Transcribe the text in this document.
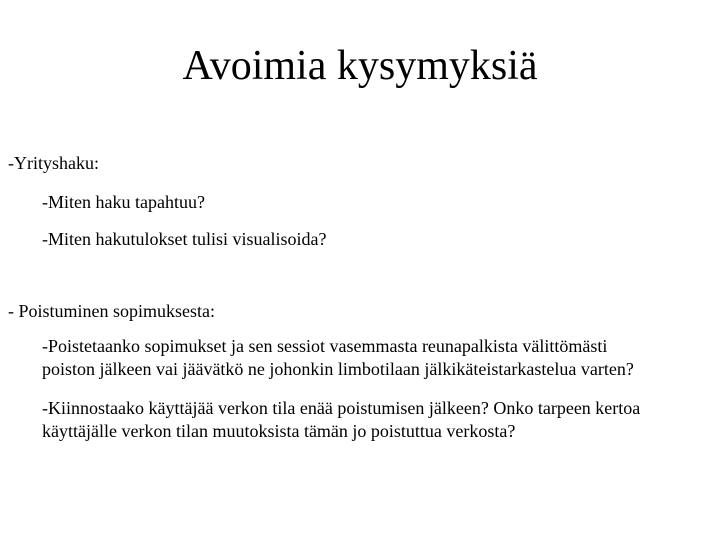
Avoimia kysymyksiä
-Yrityshaku:
-Miten haku tapahtuu?
-Miten hakutulokset tulisi visualisoida?
- Poistuminen sopimuksesta:
-Poistetaanko sopimukset ja sen sessiot vasemmasta reunapalkista välittömästi
poiston jälkeen vai jäävätkö ne johonkin limbotilaan jälkikäteistarkastelua varten?
-Kiinnostaako käyttäjää verkon tila enää poistumisen jälkeen? Onko tarpeen kertoa
käyttäjälle verkon tilan muutoksista tämän jo poistuttua verkosta?
